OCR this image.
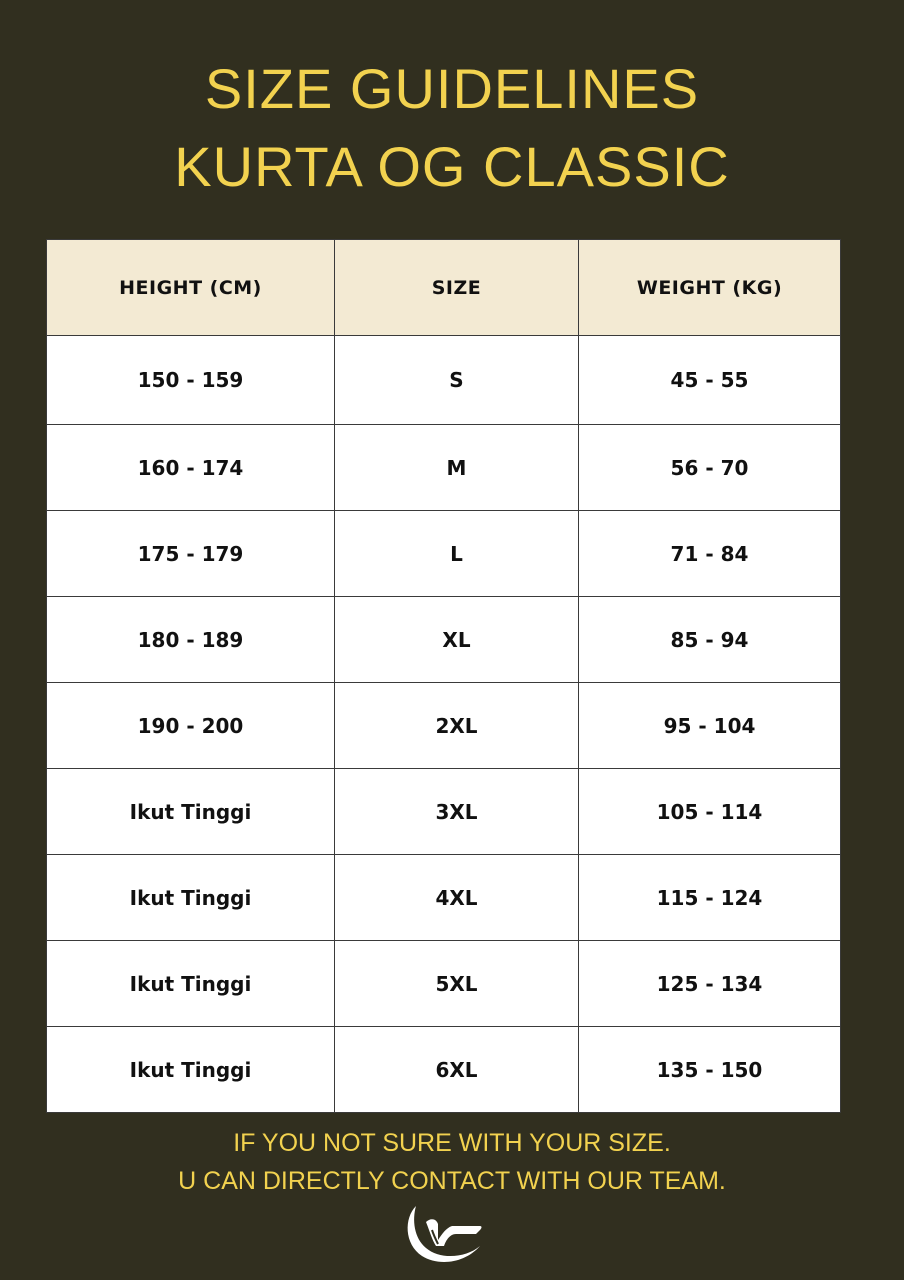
SIZE GUIDELINES
KURTA OG CLASSIC
HEIGHT (CM)	SIZE	WEIGHT (KG)
150 - 159	S	45 - 55
160 - 174	M	56 - 70
175 - 179	L	71 - 84
180 - 189	XL	85 - 94
190 - 200	2XL	95 - 104
Ikut Tinggi	3XL	105 - 114
Ikut Tinggi	4XL	115 - 124
Ikut Tinggi	5XL	125 - 134
Ikut Tinggi	6XL	135 - 150
IF YOU NOT SURE WITH YOUR SIZE.
U CAN DIRECTLY CONTACT WITH OUR TEAM.
